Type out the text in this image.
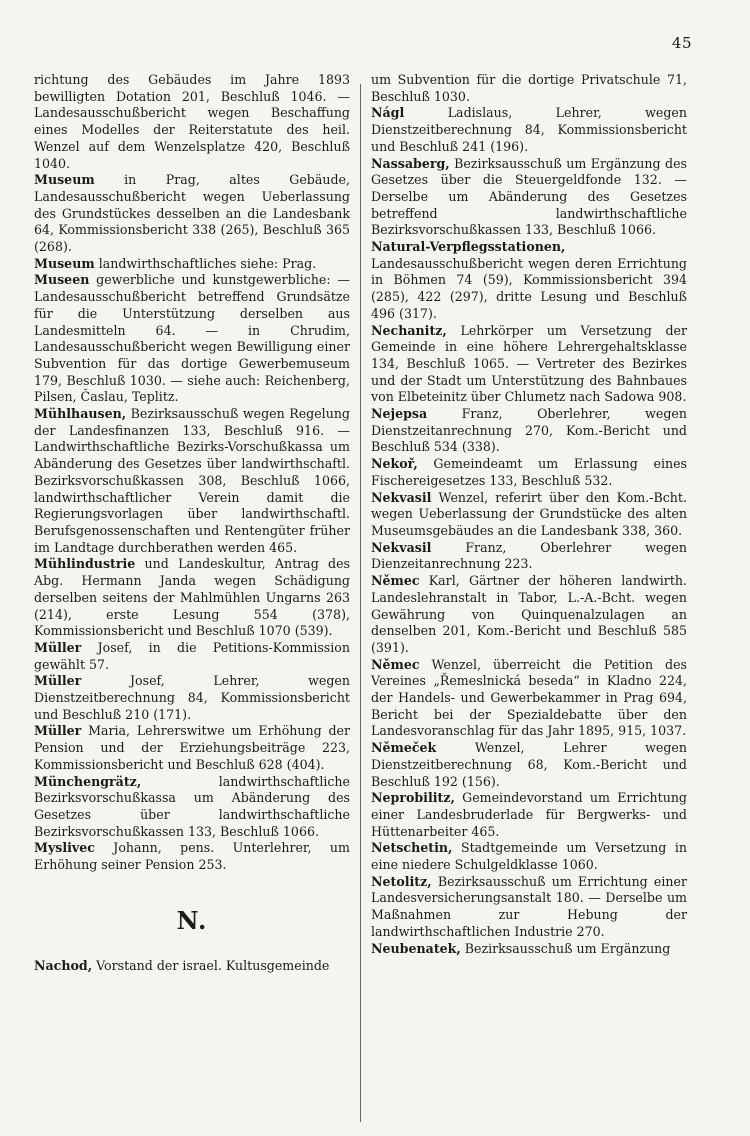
45
richtung des Gebäudes im Jahre 1893 bewilligten Dotation 201, Beschluß 1046. — Landesausschußbericht wegen Beschaffung eines Modelles der Reiterstatute des heil. Wenzel auf dem Wenzelsplatze 420, Beschluß 1040.
Museum in Prag, altes Gebäude, Landesausschußbericht wegen Ueberlassung des Grundstückes desselben an die Landesbank 64, Kommissionsbericht 338 (265), Beschluß 365 (268).
Museum landwirthschaftliches siehe: Prag.
Museen gewerbliche und kunstgewerbliche: — Landesausschußbericht betreffend Grundsätze für die Unterstützung derselben aus Landesmitteln 64. — in Chrudim, Landesausschußbericht wegen Bewilligung einer Subvention für das dortige Gewerbemuseum 179, Beschluß 1030. — siehe auch: Reichenberg, Pilsen, Časlau, Teplitz.
Mühlhausen, Bezirksausschuß wegen Regelung der Landesfinanzen 133, Beschluß 916. — Landwirthschaftliche Bezirks-Vorschußkassa um Abänderung des Gesetzes über landwirthschaftl. Bezirksvorschußkassen 308, Beschluß 1066, landwirthschaftlicher Verein damit die Regierungsvorlagen über landwirthschaftl. Berufsgenossenschaften und Rentengüter früher im Landtage durchberathen werden 465.
Mühlindustrie und Landeskultur, Antrag des Abg. Hermann Janda wegen Schädigung derselben seitens der Mahlmühlen Ungarns 263 (214), erste Lesung 554 (378), Kommissionsbericht und Beschluß 1070 (539).
Müller Josef, in die Petitions-Kommission gewählt 57.
Müller Josef, Lehrer, wegen Dienstzeitberechnung 84, Kommissionsbericht und Beschluß 210 (171).
Müller Maria, Lehrerswitwe um Erhöhung der Pension und der Erziehungsbeiträge 223, Kommissionsbericht und Beschluß 628 (404).
Münchengrätz, landwirthschaftliche Bezirksvorschußkassa um Abänderung des Gesetzes über landwirthschaftliche Bezirksvorschußkassen 133, Beschluß 1066.
Myslivec Johann, pens. Unterlehrer, um Erhöhung seiner Pension 253.
N.
Nachod, Vorstand der israel. Kultusgemeinde
um Subvention für die dortige Privatschule 71, Beschluß 1030.
Nágl Ladislaus, Lehrer, wegen Dienstzeitberechnung 84, Kommissionsbericht und Beschluß 241 (196).
Nassaberg, Bezirksausschuß um Ergänzung des Gesetzes über die Steuergeldfonde 132. — Derselbe um Abänderung des Gesetzes betreffend landwirthschaftliche Bezirksvorschußkassen 133, Beschluß 1066.
Natural-Verpflegsstationen, Landesausschußbericht wegen deren Errichtung in Böhmen 74 (59), Kommissionsbericht 394 (285), 422 (297), dritte Lesung und Beschluß 496 (317).
Nechanitz, Lehrkörper um Versetzung der Gemeinde in eine höhere Lehrergehaltsklasse 134, Beschluß 1065. — Vertreter des Bezirkes und der Stadt um Unterstützung des Bahnbaues von Elbeteinitz über Chlumetz nach Sadowa 908.
Nejepsa Franz, Oberlehrer, wegen Dienstzeitanrechnung 270, Kom.-Bericht und Beschluß 534 (338).
Nekoř, Gemeindeamt um Erlassung eines Fischereigesetzes 133, Beschluß 532.
Nekvasil Wenzel, referirt über den Kom.-Bcht. wegen Ueberlassung der Grundstücke des alten Museumsgebäudes an die Landesbank 338, 360.
Nekvasil Franz, Oberlehrer wegen Dienzeitanrechnung 223.
Němec Karl, Gärtner der höheren landwirth. Landeslehranstalt in Tabor, L.-A.-Bcht. wegen Gewährung von Quinquenalzulagen an denselben 201, Kom.-Bericht und Beschluß 585 (391).
Němec Wenzel, überreicht die Petition des Vereines „Řemeslnická beseda“ in Kladno 224, der Handels- und Gewerbekammer in Prag 694, Bericht bei der Spezialdebatte über den Landesvoranschlag für das Jahr 1895, 915, 1037.
Němeček Wenzel, Lehrer wegen Dienstzeitberechnung 68, Kom.-Bericht und Beschluß 192 (156).
Neprobilitz, Gemeindevorstand um Errichtung einer Landesbruderlade für Bergwerks- und Hüttenarbeiter 465.
Netschetin, Stadtgemeinde um Versetzung in eine niedere Schulgeldklasse 1060.
Netolitz, Bezirksausschuß um Errichtung einer Landesversicherungsanstalt 180. — Derselbe um Maßnahmen zur Hebung der landwirthschaftlichen Industrie 270.
Neubenatek, Bezirksausschuß um Ergänzung
